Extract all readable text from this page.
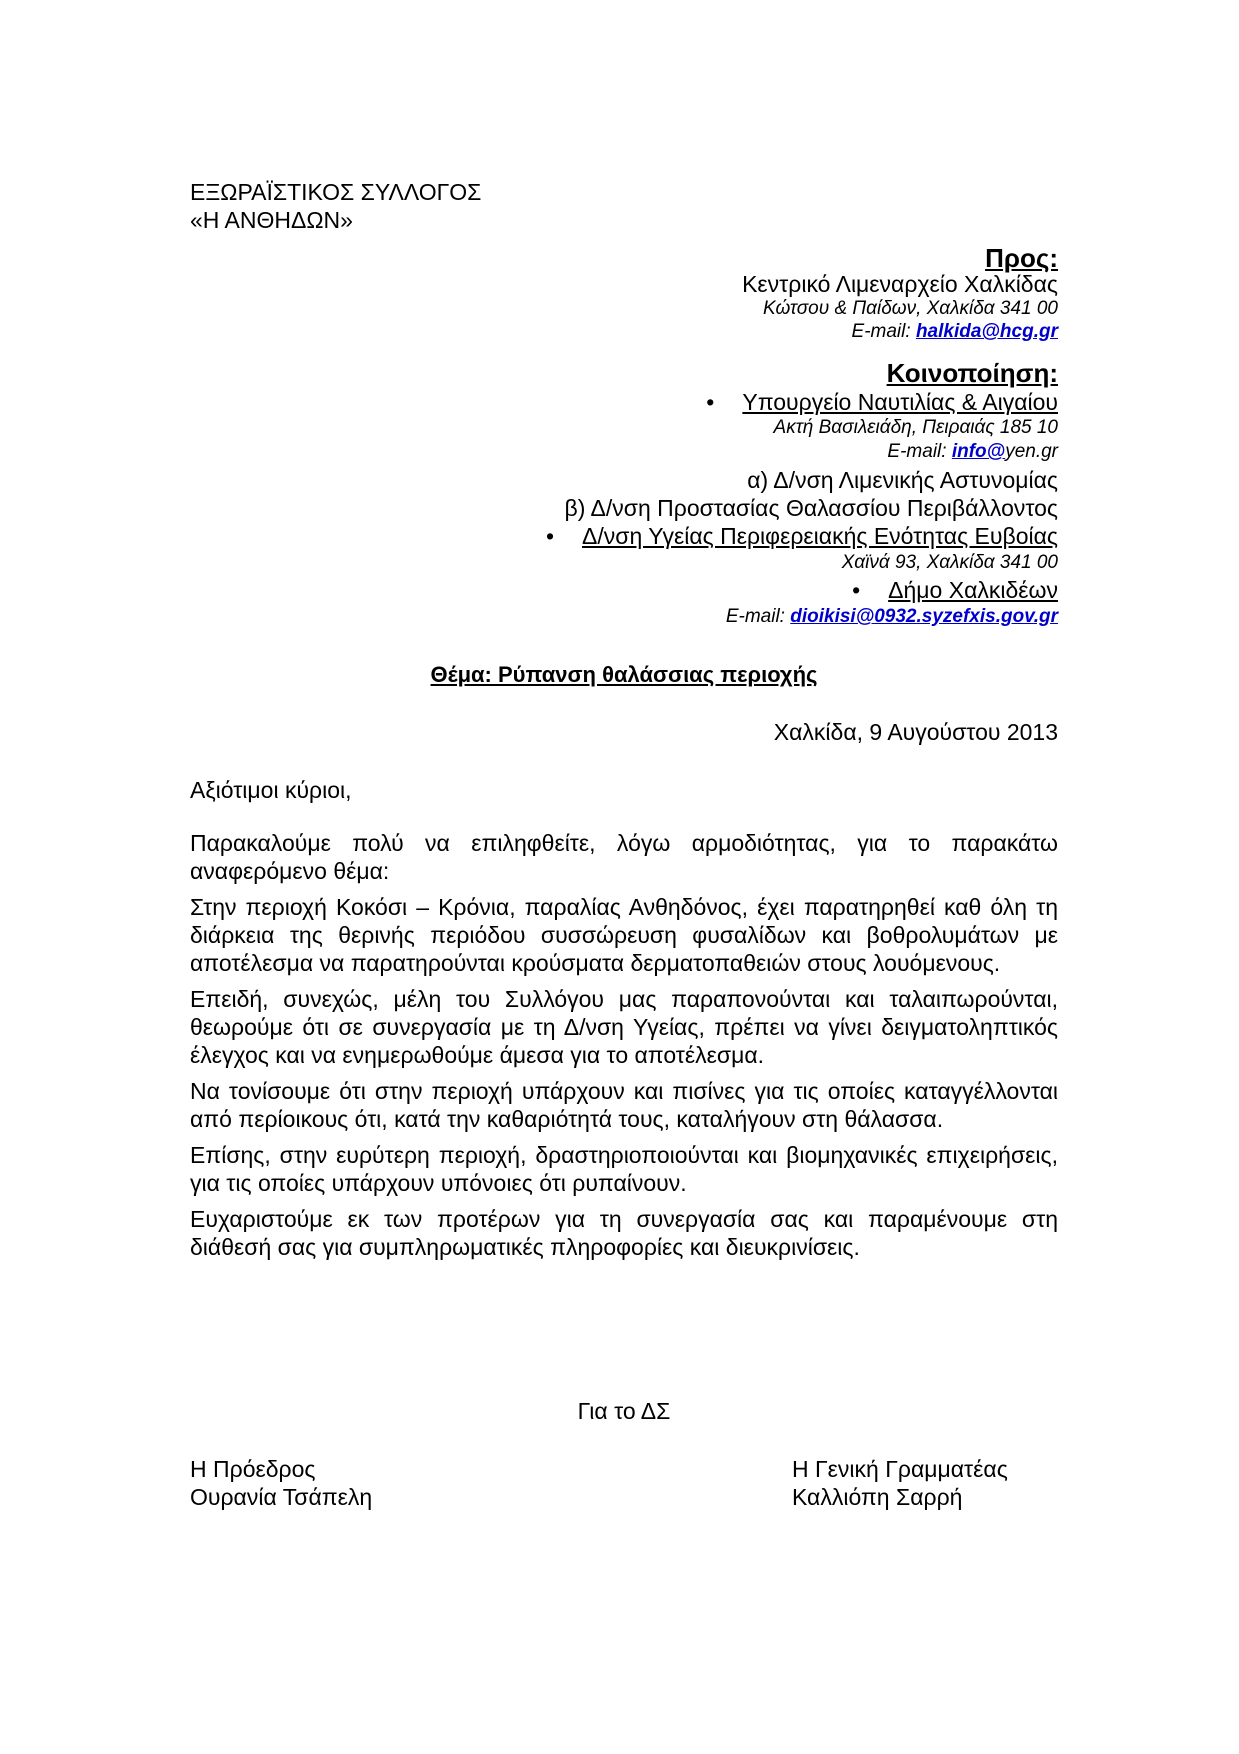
ΕΞΩΡΑΪΣΤΙΚΟΣ ΣΥΛΛΟΓΟΣ
«Η ΑΝΘΗΔΩΝ»
Προς:
Κεντρικό Λιμεναρχείο Χαλκίδας
Κώτσου & Παίδων, Χαλκίδα 341 00
E-mail: halkida@hcg.gr
Κοινοποίηση:
• Υπουργείο Ναυτιλίας & Αιγαίου
Ακτή Βασιλειάδη, Πειραιάς 185 10
E-mail: info@yen.gr
α) Δ/νση Λιμενικής Αστυνομίας
β) Δ/νση Προστασίας Θαλασσίου Περιβάλλοντος
• Δ/νση Υγείας Περιφερειακής Ενότητας Ευβοίας
Χαϊνά 93, Χαλκίδα 341 00
• Δήμο Χαλκιδέων
E-mail: dioikisi@0932.syzefxis.gov.gr
Θέμα: Ρύπανση θαλάσσιας περιοχής
Χαλκίδα, 9 Αυγούστου 2013
Αξιότιμοι κύριοι,

Παρακαλούμε πολύ να επιληφθείτε, λόγω αρμοδιότητας, για το παρακάτω αναφερόμενο θέμα:

Στην περιοχή Κοκόσι – Κρόνια, παραλίας Ανθηδόνος, έχει παρατηρηθεί καθ όλη τη διάρκεια της θερινής περιόδου συσσώρευση φυσαλίδων και βοθρολυμάτων με αποτέλεσμα να παρατηρούνται κρούσματα δερματοπαθειών στους λουόμενους.

Επειδή, συνεχώς, μέλη του Συλλόγου μας παραπονούνται και ταλαιπωρούνται, θεωρούμε ότι σε συνεργασία με τη Δ/νση Υγείας, πρέπει να γίνει δειγματοληπτικός έλεγχος και να ενημερωθούμε άμεσα για το αποτέλεσμα.

Να τονίσουμε ότι στην περιοχή υπάρχουν και πισίνες για τις οποίες καταγγέλλονται από περίοικους ότι, κατά την καθαριότητά τους, καταλήγουν στη θάλασσα.

Επίσης, στην ευρύτερη περιοχή, δραστηριοποιούνται και βιομηχανικές επιχειρήσεις, για τις οποίες υπάρχουν υπόνοιες ότι ρυπαίνουν.

Ευχαριστούμε εκ των προτέρων για τη συνεργασία σας και παραμένουμε στη διάθεσή σας για συμπληρωματικές πληροφορίες και διευκρινίσεις.

Για το ΔΣ
Η Πρόεδρος
Ουρανία Τσάπελη
Η Γενική Γραμματέας
Καλλιόπη Σαρρή
